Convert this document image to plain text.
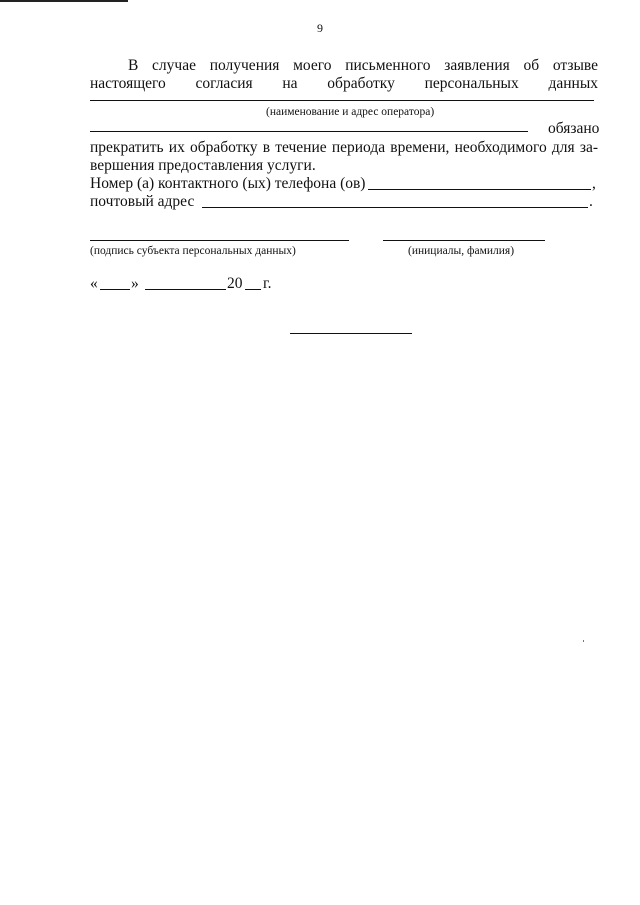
9
В случае получения моего письменного заявления об отзыве
настоящего согласия на обработку персональных данных
(наименование и адрес оператора)
обязано
прекратить их обработку в течение периода времени, необходимого для за-
вершения предоставления услуги.
Номер (а) контактного (ых) телефона (ов)	,
почтовый адрес	.
(подпись субъекта персональных данных)	(инициалы, фамилия)
« »	20 г.
